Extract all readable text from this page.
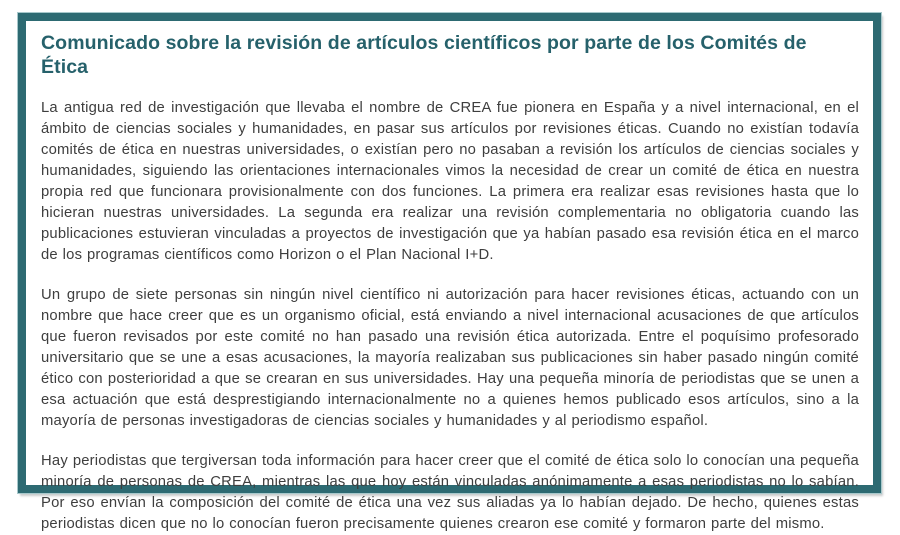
Comunicado sobre la revisión de artículos científicos por parte de los Comités de Ética

La antigua red de investigación que llevaba el nombre de CREA fue pionera en España y a nivel internacional, en el ámbito de ciencias sociales y humanidades, en pasar sus artículos por revisiones éticas. Cuando no existían todavía comités de ética en nuestras universidades, o existían pero no pasaban a revisión los artículos de ciencias sociales y humanidades, siguiendo las orientaciones internacionales vimos la necesidad de crear un comité de ética en nuestra propia red que funcionara provisionalmente con dos funciones. La primera era realizar esas revisiones hasta que lo hicieran nuestras universidades. La segunda era realizar una revisión complementaria no obligatoria cuando las publicaciones estuvieran vinculadas a proyectos de investigación que ya habían pasado esa revisión ética en el marco de los programas científicos como Horizon o el Plan Nacional I+D.

Un grupo de siete personas sin ningún nivel científico ni autorización para hacer revisiones éticas, actuando con un nombre que hace creer que es un organismo oficial, está enviando a nivel internacional acusaciones de que artículos que fueron revisados por este comité no han pasado una revisión ética autorizada. Entre el poquísimo profesorado universitario que se une a esas acusaciones, la mayoría realizaban sus publicaciones sin haber pasado ningún comité ético con posterioridad a que se crearan en sus universidades. Hay una pequeña minoría de periodistas que se unen a esa actuación que está desprestigiando internacionalmente no a quienes hemos publicado esos artículos, sino a la mayoría de personas investigadoras de ciencias sociales y humanidades y al periodismo español.

Hay periodistas que tergiversan toda información para hacer creer que el comité de ética solo lo conocían una pequeña minoría de personas de CREA, mientras las que hoy están vinculadas anónimamente a esas periodistas no lo sabían. Por eso envían la composición del comité de ética una vez sus aliadas ya lo habían dejado. De hecho, quienes estas periodistas dicen que no lo conocían fueron precisamente quienes crearon ese comité y formaron parte del mismo.
